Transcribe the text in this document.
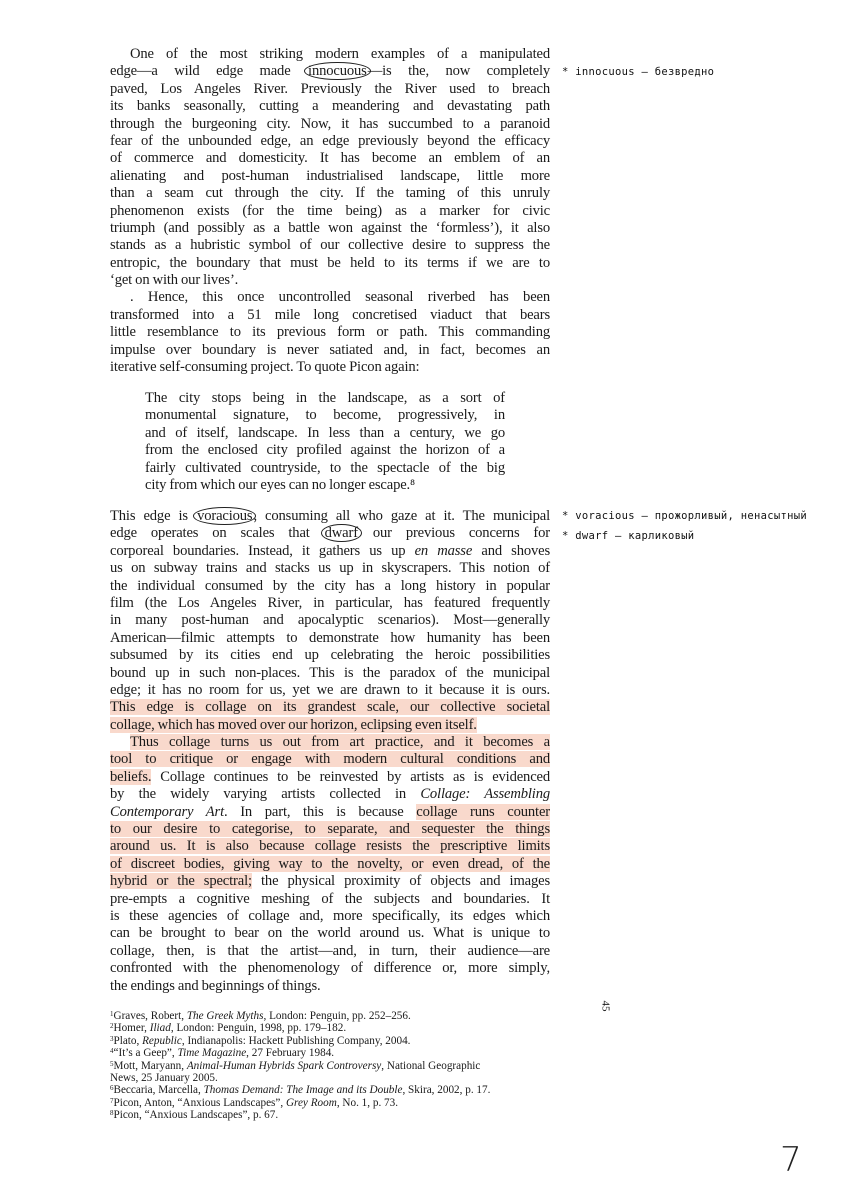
One of the most striking modern examples of a manipulated
edge—a wild edge made innocuous—is the, now completely
paved, Los Angeles River. Previously the River used to breach
its banks seasonally, cutting a meandering and devastating path
through the burgeoning city. Now, it has succumbed to a paranoid
fear of the unbounded edge, an edge previously beyond the efficacy
of commerce and domesticity. It has become an emblem of an
alienating and post-human industrialised landscape, little more
than a seam cut through the city. If the taming of this unruly
phenomenon exists (for the time being) as a marker for civic
triumph (and possibly as a battle won against the ‘formless’), it also
stands as a hubristic symbol of our collective desire to suppress the
entropic, the boundary that must be held to its terms if we are to
‘get on with our lives’.
. Hence, this once uncontrolled seasonal riverbed has been
transformed into a 51 mile long concretised viaduct that bears
little resemblance to its previous form or path. This commanding
impulse over boundary is never satiated and, in fact, becomes an
iterative self-consuming project. To quote Picon again:
The city stops being in the landscape, as a sort of
monumental signature, to become, progressively, in
and of itself, landscape. In less than a century, we go
from the enclosed city profiled against the horizon of a
fairly cultivated countryside, to the spectacle of the big
city from which our eyes can no longer escape.⁸
This edge is voracious, consuming all who gaze at it. The municipal
edge operates on scales that dwarf our previous concerns for
corporeal boundaries. Instead, it gathers us up en masse and shoves
us on subway trains and stacks us up in skyscrapers. This notion of
the individual consumed by the city has a long history in popular
film (the Los Angeles River, in particular, has featured frequently
in many post-human and apocalyptic scenarios). Most—generally
American—filmic attempts to demonstrate how humanity has been
subsumed by its cities end up celebrating the heroic possibilities
bound up in such non-places. This is the paradox of the municipal
edge; it has no room for us, yet we are drawn to it because it is ours.
This edge is collage on its grandest scale, our collective societal
collage, which has moved over our horizon, eclipsing even itself.
Thus collage turns us out from art practice, and it becomes a
tool to critique or engage with modern cultural conditions and
beliefs. Collage continues to be reinvested by artists as is evidenced
by the widely varying artists collected in Collage: Assembling
Contemporary Art. In part, this is because collage runs counter
to our desire to categorise, to separate, and sequester the things
around us. It is also because collage resists the prescriptive limits
of discreet bodies, giving way to the novelty, or even dread, of the
hybrid or the spectral; the physical proximity of objects and images
pre-empts a cognitive meshing of the subjects and boundaries. It
is these agencies of collage and, more specifically, its edges which
can be brought to bear on the world around us. What is unique to
collage, then, is that the artist—and, in turn, their audience—are
confronted with the phenomenology of difference or, more simply,
the endings and beginnings of things.
$^1$Graves, Robert, The Greek Myths, London: Penguin, pp. 252–256.
$^2$Homer, Iliad, London: Penguin, 1998, pp. 179–182.
$^3$Plato, Republic, Indianapolis: Hackett Publishing Company, 2004.
$^4$“It’s a Geep”, Time Magazine, 27 February 1984.
$^5$Mott, Maryann, Animal-Human Hybrids Spark Controversy, National Geographic
News, 25 January 2005.
$^6$Beccaria, Marcella, Thomas Demand: The Image and its Double, Skira, 2002, p. 17.
$^7$Picon, Anton, “Anxious Landscapes”, Grey Room, No. 1, p. 73.
$^8$Picon, “Anxious Landscapes”, p. 67.
* innocuous – безвредно
* voracious – прожорливый, ненасытный
* dwarf – карликовый
45
7
